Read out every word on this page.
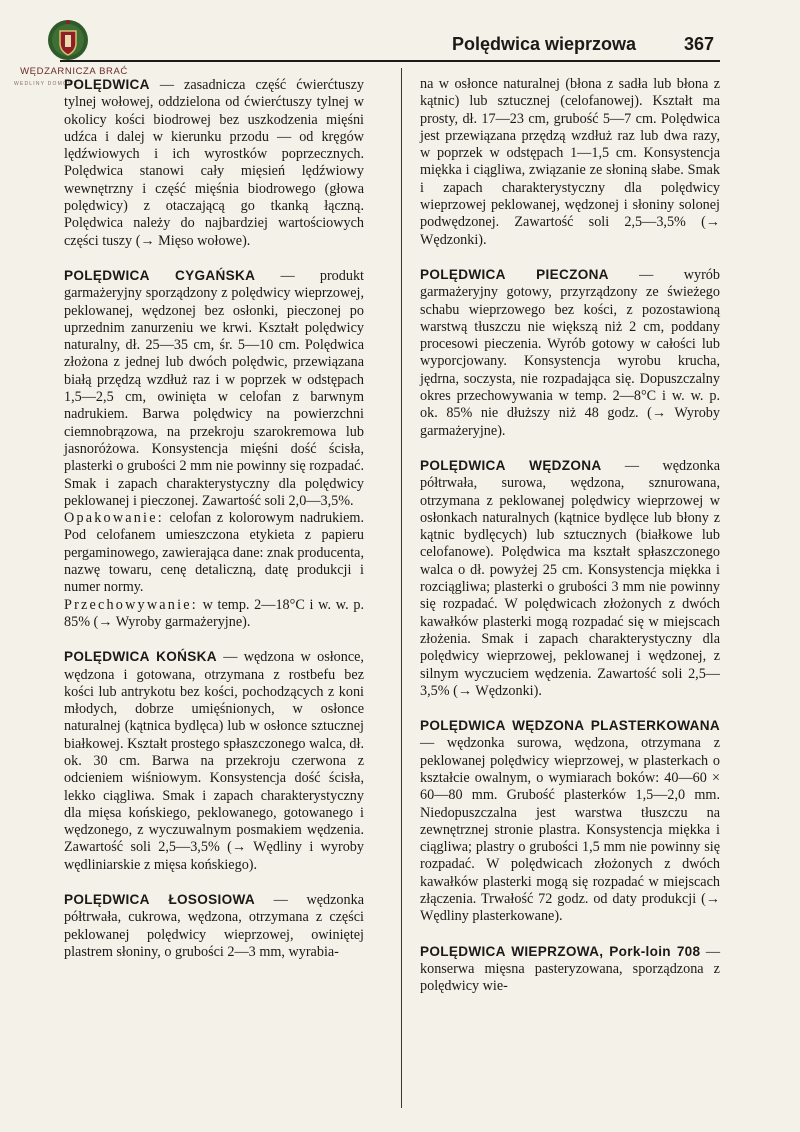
WĘDZARNICZA BRAĆ
WEDLINY DOMOWE
Polędwica wieprzowa	367

POLĘDWICA — zasadnicza część ćwierćtuszy tylnej wołowej, oddzielona od ćwierćtuszy tylnej w okolicy kości biodrowej bez uszkodzenia mięśni udźca i dalej w kierunku przodu — od kręgów lędźwiowych i ich wyrostków poprzecznych. Polędwica stanowi cały mięsień lędźwiowy wewnętrzny i część mięśnia biodrowego (głowa polędwicy) z otaczającą go tkanką łączną. Polędwica należy do najbardziej wartościowych części tuszy (→ Mięso wołowe).

POLĘDWICA CYGAŃSKA — produkt garmażeryjny sporządzony z polędwicy wieprzowej, peklowanej, wędzonej bez osłonki, pieczonej po uprzednim zanurzeniu we krwi. Kształt polędwicy naturalny, dł. 25—35 cm, śr. 5—10 cm. Polędwica złożona z jednej lub dwóch polędwic, przewiązana białą przędzą wzdłuż raz i w poprzek w odstępach 1,5—2,5 cm, owinięta w celofan z barwnym nadrukiem. Barwa polędwicy na powierzchni ciemnobrązowa, na przekroju szarokremowa lub jasnoróżowa. Konsystencja mięśni dość ścisła, plasterki o grubości 2 mm nie powinny się rozpadać. Smak i zapach charakterystyczny dla polędwicy peklowanej i pieczonej. Zawartość soli 2,0—3,5%.

Opakowanie: celofan z kolorowym nadrukiem. Pod celofanem umieszczona etykieta z papieru pergaminowego, zawierająca dane: znak producenta, nazwę towaru, cenę detaliczną, datę produkcji i numer normy.

Przechowywanie: w temp. 2—18°C i w. w. p. 85% (→ Wyroby garmażeryjne).

POLĘDWICA KOŃSKA — wędzona w osłonce, wędzona i gotowana, otrzymana z rostbefu bez kości lub antrykotu bez kości, pochodzących z koni młodych, dobrze umięśnionych, w osłonce naturalnej (kątnica bydlęca) lub w osłonce sztucznej białkowej. Kształt prostego spłaszczonego walca, dł. ok. 30 cm. Barwa na przekroju czerwona z odcieniem wiśniowym. Konsystencja dość ścisła, lekko ciągliwa. Smak i zapach charakterystyczny dla mięsa końskiego, peklowanego, gotowanego i wędzonego, z wyczuwalnym posmakiem wędzenia. Zawartość soli 2,5—3,5% (→ Wędliny i wyroby wędliniarskie z mięsa końskiego).

POLĘDWICA ŁOSOSIOWA — wędzonka półtrwała, cukrowa, wędzona, otrzymana z części peklowanej polędwicy wieprzowej, owiniętej plastrem słoniny, o grubości 2—3 mm, wyrabia-

na w osłonce naturalnej (błona z sadła lub błona z kątnic) lub sztucznej (celofanowej). Kształt ma prosty, dł. 17—23 cm, grubość 5—7 cm. Polędwica jest przewiązana przędzą wzdłuż raz lub dwa razy, w poprzek w odstępach 1—1,5 cm. Konsystencja miękka i ciągliwa, związanie ze słoniną słabe. Smak i zapach charakterystyczny dla polędwicy wieprzowej peklowanej, wędzonej i słoniny solonej podwędzonej. Zawartość soli 2,5—3,5% (→ Wędzonki).

POLĘDWICA PIECZONA — wyrób garmażeryjny gotowy, przyrządzony ze świeżego schabu wieprzowego bez kości, z pozostawioną warstwą tłuszczu nie większą niż 2 cm, poddany procesowi pieczenia. Wyrób gotowy w całości lub wyporcjowany. Konsystencja wyrobu krucha, jędrna, soczysta, nie rozpadająca się. Dopuszczalny okres przechowywania w temp. 2—8°C i w. w. p. ok. 85% nie dłuższy niż 48 godz. (→ Wyroby garmażeryjne).

POLĘDWICA WĘDZONA — wędzonka półtrwała, surowa, wędzona, sznurowana, otrzymana z peklowanej polędwicy wieprzowej w osłonkach naturalnych (kątnice bydlęce lub błony z kątnic bydlęcych) lub sztucznych (białkowe lub celofanowe). Polędwica ma kształt spłaszczonego walca o dł. powyżej 25 cm. Konsystencja miękka i rozciągliwa; plasterki o grubości 3 mm nie powinny się rozpadać. W polędwicach złożonych z dwóch kawałków plasterki mogą rozpadać się w miejscach złożenia. Smak i zapach charakterystyczny dla polędwicy wieprzowej, peklowanej i wędzonej, z silnym wyczuciem wędzenia. Zawartość soli 2,5—3,5% (→ Wędzonki).

POLĘDWICA WĘDZONA PLASTERKOWANA — wędzonka surowa, wędzona, otrzymana z peklowanej polędwicy wieprzowej, w plasterkach o kształcie owalnym, o wymiarach boków: 40—60 × 60—80 mm. Grubość plasterków 1,5—2,0 mm. Niedopuszczalna jest warstwa tłuszczu na zewnętrznej stronie plastra. Konsystencja miękka i ciągliwa; plastry o grubości 1,5 mm nie powinny się rozpadać. W polędwicach złożonych z dwóch kawałków plasterki mogą się rozpadać w miejscach złączenia. Trwałość 72 godz. od daty produkcji (→ Wędliny plasterkowane).

POLĘDWICA WIEPRZOWA, Pork-loin 708 — konserwa mięsna pasteryzowana, sporządzona z polędwicy wie-
